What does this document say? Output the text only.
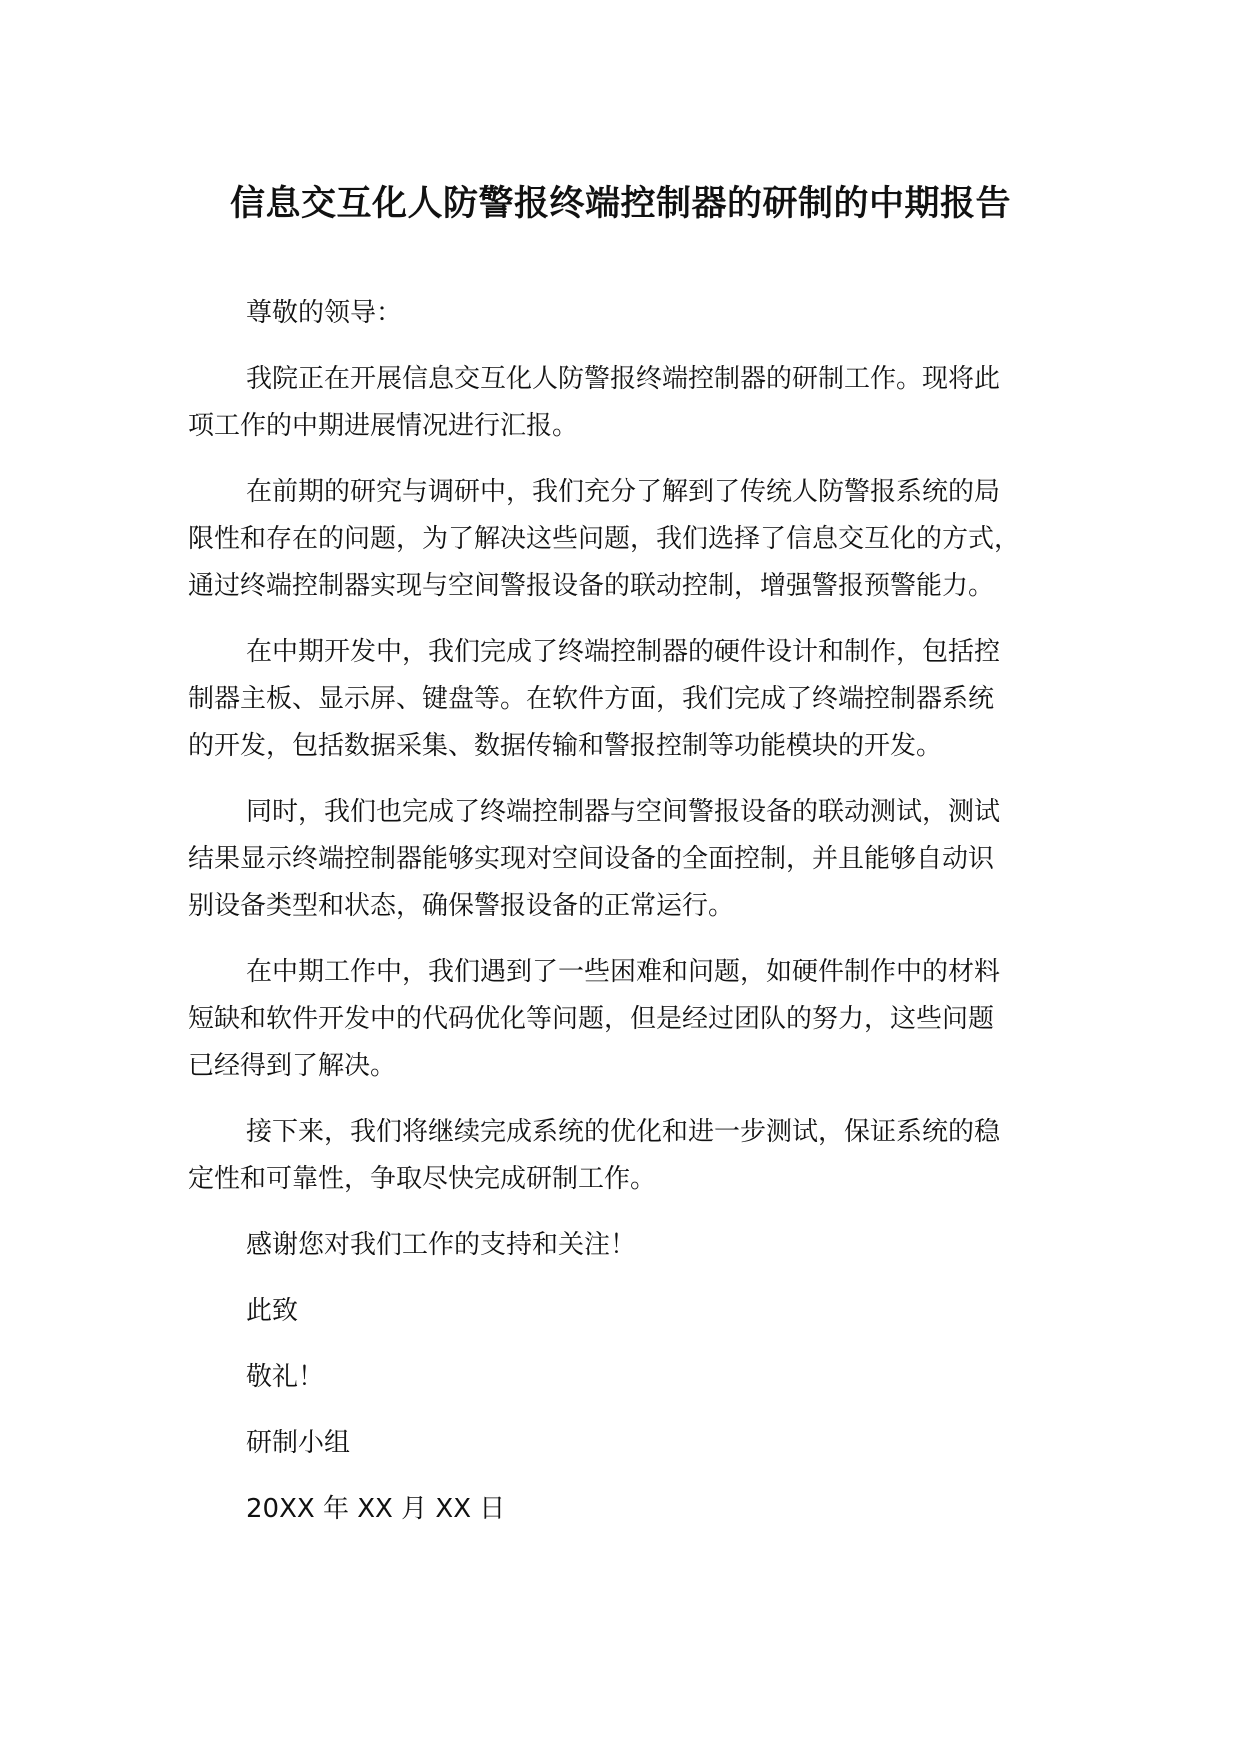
信息交互化人防警报终端控制器的研制的中期报告

尊敬的领导：

我院正在开展信息交互化人防警报终端控制器的研制工作。现将此
项工作的中期进展情况进行汇报。

在前期的研究与调研中，我们充分了解到了传统人防警报系统的局
限性和存在的问题，为了解决这些问题，我们选择了信息交互化的方式，
通过终端控制器实现与空间警报设备的联动控制，增强警报预警能力。

在中期开发中，我们完成了终端控制器的硬件设计和制作，包括控
制器主板、显示屏、键盘等。在软件方面，我们完成了终端控制器系统
的开发，包括数据采集、数据传输和警报控制等功能模块的开发。

同时，我们也完成了终端控制器与空间警报设备的联动测试，测试
结果显示终端控制器能够实现对空间设备的全面控制，并且能够自动识
别设备类型和状态，确保警报设备的正常运行。

在中期工作中，我们遇到了一些困难和问题，如硬件制作中的材料
短缺和软件开发中的代码优化等问题，但是经过团队的努力，这些问题
已经得到了解决。

接下来，我们将继续完成系统的优化和进一步测试，保证系统的稳
定性和可靠性，争取尽快完成研制工作。

感谢您对我们工作的支持和关注！

此致

敬礼！

研制小组

20XX 年 XX 月 XX 日
